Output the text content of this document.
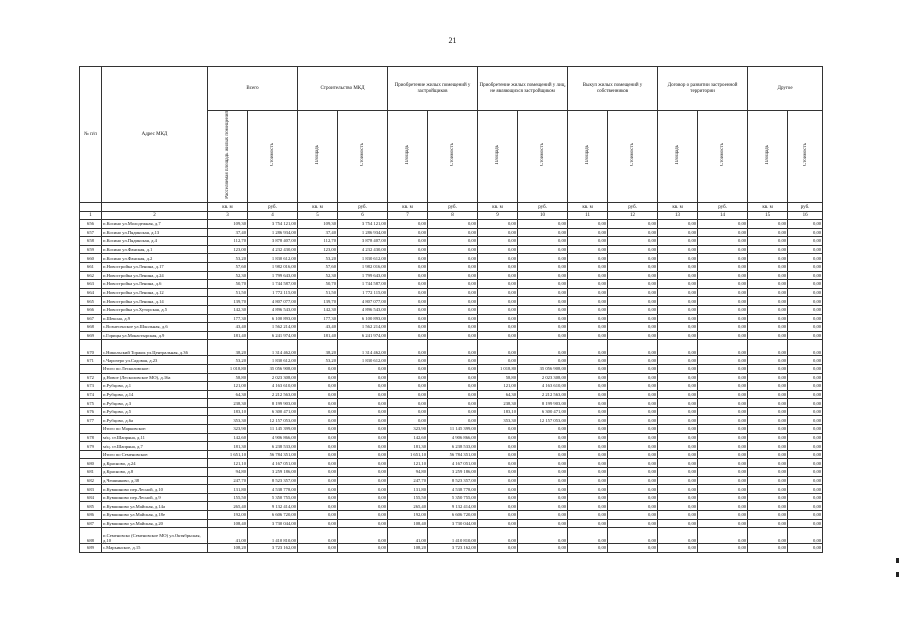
21
№ п/п	Адрес МКД	Всего		Строительство МКД		Приобретение жилых помещений у застройщиков		Приобретение жилых помещений у лиц, не являющихся застройщиком		Выкуп жилых помещений у собственников		Договор о развитии застроенной территории		Другое	
		Расселяемая площадь жилых помещений	Стоимость	Площадь	Стоимость	Площадь	Стоимость	Площадь	Стоимость	Площадь	Стоимость	Площадь	Стоимость	Площадь	Стоимость
		кв. м	руб.	кв. м	руб.	кв. м	руб.	кв. м	руб.	кв. м	руб.	кв. м	руб.	кв. м	руб.
1	2	3	4	5	6	7	8	9	10	11	12	13	14	15	16
656	п.Косино ул.Молодежная, д.7	109,30	3 754 121,00	109,30	3 754 121,00	0,00	0,00	0,00	0,00	0,00	0,00	0,00	0,00	0,00	0,00
657	п.Косино ул.Пядинская, д.13	37,40	1 286 934,00	37,40	1 286 934,00	0,00	0,00	0,00	0,00	0,00	0,00	0,00	0,00	0,00	0,00
658	п.Косино ул.Пядинская, д.4	112,70	3 878 407,00	112,70	3 878 407,00	0,00	0,00	0,00	0,00	0,00	0,00	0,00	0,00	0,00	0,00
659	п.Косино ул.Фанская, д.1	123,00	4 232 430,00	123,00	4 232 430,00	0,00	0,00	0,00	0,00	0,00	0,00	0,00	0,00	0,00	0,00
660	п.Косино ул.Фанская, д.2	53,20	1 830 612,00	53,20	1 830 612,00	0,00	0,00	0,00	0,00	0,00	0,00	0,00	0,00	0,00	0,00
661	п.Новостройка ул.Ленина, д.17	57,60	1 982 016,00	57,60	1 982 016,00	0,00	0,00	0,00	0,00	0,00	0,00	0,00	0,00	0,00	0,00
662	п.Новостройка ул.Ленина, д.24	52,30	1 799 643,00	52,30	1 799 643,00	0,00	0,00	0,00	0,00	0,00	0,00	0,00	0,00	0,00	0,00
663	п.Новостройка ул.Ленина, д.6	50,70	1 744 587,00	50,70	1 744 587,00	0,00	0,00	0,00	0,00	0,00	0,00	0,00	0,00	0,00	0,00
664	п.Новостройка ул.Ленина, д.12	51,50	1 772 115,00	51,50	1 772 115,00	0,00	0,00	0,00	0,00	0,00	0,00	0,00	0,00	0,00	0,00
665	п.Новостройка ул.Ленина, д.14	139,70	4 807 077,00	139,70	4 807 077,00	0,00	0,00	0,00	0,00	0,00	0,00	0,00	0,00	0,00	0,00
666	п.Новостройка ул.Хуторская, д.5	142,30	4 896 543,00	142,30	4 896 543,00	0,00	0,00	0,00	0,00	0,00	0,00	0,00	0,00	0,00	0,00
667	п.Шексна, д.9	177,30	6 100 893,00	177,30	6 100 893,00	0,00	0,00	0,00	0,00	0,00	0,00	0,00	0,00	0,00	0,00
668	с.Вознесенское ул.Школьная, д.6	43,40	1 562 214,00	43,40	1 562 214,00	0,00	0,00	0,00	0,00	0,00	0,00	0,00	0,00	0,00	0,00
669	с.Горицы ул.Монастырская, д.9	181,40	6 241 974,00	181,40	6 241 974,00	0,00	0,00	0,00	0,00	0,00	0,00	0,00	0,00	0,00	0,00
670	с.Никольский Торжок ул.Центральная, д.36	38,20	1 314 462,00	38,20	1 314 462,00	0,00	0,00	0,00	0,00	0,00	0,00	0,00	0,00	0,00	0,00
671	с.Чарозеро ул.Садовая, д.23	53,20	1 830 612,00	53,20	1 830 612,00	0,00	0,00	0,00	0,00	0,00	0,00	0,00	0,00	0,00	0,00
	Итого по Лесколовское:	1 018,80	35 056 908,00	0,00	0,00	0,00	0,00	1 018,80	35 056 908,00	0,00	0,00	0,00	0,00	0,00	0,00
672	д.Новое (Лесколовское МО), д.16а	58,80	2 023 308,00	0,00	0,00	0,00	0,00	58,80	2 023 308,00	0,00	0,00	0,00	0,00	0,00	0,00
673	п.Рубцово, д.1	121,00	4 163 610,00	0,00	0,00	0,00	0,00	121,00	4 163 610,00	0,00	0,00	0,00	0,00	0,00	0,00
674	п.Рубцово, д.14	64,30	2 212 563,00	0,00	0,00	0,00	0,00	64,30	2 212 563,00	0,00	0,00	0,00	0,00	0,00	0,00
675	п.Рубцово, д.3	238,30	8 199 903,00	0,00	0,00	0,00	0,00	238,30	8 199 903,00	0,00	0,00	0,00	0,00	0,00	0,00
676	п.Рубцово, д.5	183,10	6 300 471,00	0,00	0,00	0,00	0,00	183,10	6 300 471,00	0,00	0,00	0,00	0,00	0,00	0,00
677	п.Рубцово, д.6а	353,30	12 157 053,00	0,00	0,00	0,00	0,00	353,30	12 157 053,00	0,00	0,00	0,00	0,00	0,00	0,00
	Итого по Марковское:	323,90	11 145 399,00	0,00	0,00	323,90	11 145 399,00	0,00	0,00	0,00	0,00	0,00	0,00	0,00	0,00
678	м/ц. ст.Шапряна, д.11	142,60	4 906 866,00	0,00	0,00	142,60	4 906 866,00	0,00	0,00	0,00	0,00	0,00	0,00	0,00	0,00
679	м/ц. ст.Шапряна, д.7	181,30	6 238 533,00	0,00	0,00	181,30	6 238 533,00	0,00	0,00	0,00	0,00	0,00	0,00	0,00	0,00
	Итого по Семеновское:	1 651,10	56 784 351,00	0,00	0,00	1 651,10	56 784 351,00	0,00	0,00	0,00	0,00	0,00	0,00	0,00	0,00
680	д.Красново, д.24	121,10	4 167 051,00	0,00	0,00	121,10	4 167 051,00	0,00	0,00	0,00	0,00	0,00	0,00	0,00	0,00
681	д.Красново, д.8	94,80	3 259 186,00	0,00	0,00	94,80	3 259 186,00	0,00	0,00	0,00	0,00	0,00	0,00	0,00	0,00
682	д.Чешинково, д.38	247,70	8 523 357,00	0,00	0,00	247,70	8 523 357,00	0,00	0,00	0,00	0,00	0,00	0,00	0,00	0,00
683	п.Кувшиново пер.Лесной, д.10	131,80	4 538 778,00	0,00	0,00	131,80	4 538 778,00	0,00	0,00	0,00	0,00	0,00	0,00	0,00	0,00
684	п.Кувшиново пер.Лесной, д.9	155,50	5 350 755,00	0,00	0,00	155,50	5 350 755,00	0,00	0,00	0,00	0,00	0,00	0,00	0,00	0,00
685	п.Кувшиново ул.Майская, д.14а	265,40	9 132 414,00	0,00	0,00	265,40	9 132 414,00	0,00	0,00	0,00	0,00	0,00	0,00	0,00	0,00
686	п.Кувшиново ул.Майская, д.18е	192,00	6 606 720,00	0,00	0,00	192,00	6 606 720,00	0,00	0,00	0,00	0,00	0,00	0,00	0,00	0,00
687	п.Кувшиново ул.Майская, д.20	108,40	3 730 044,00	0,00	0,00	108,40	3 730 044,00	0,00	0,00	0,00	0,00	0,00	0,00	0,00	0,00
688	п.Семеновско (Семеновское МО) ул.Октябрьская, д.10	41,00	1 410 810,00	0,00	0,00	41,00	1 410 810,00	0,00	0,00	0,00	0,00	0,00	0,00	0,00	0,00
689	с.Марьинское, д.15	108,20	3 723 162,00	0,00	0,00	108,20	3 723 162,00	0,00	0,00	0,00	0,00	0,00	0,00	0,00	0,00
